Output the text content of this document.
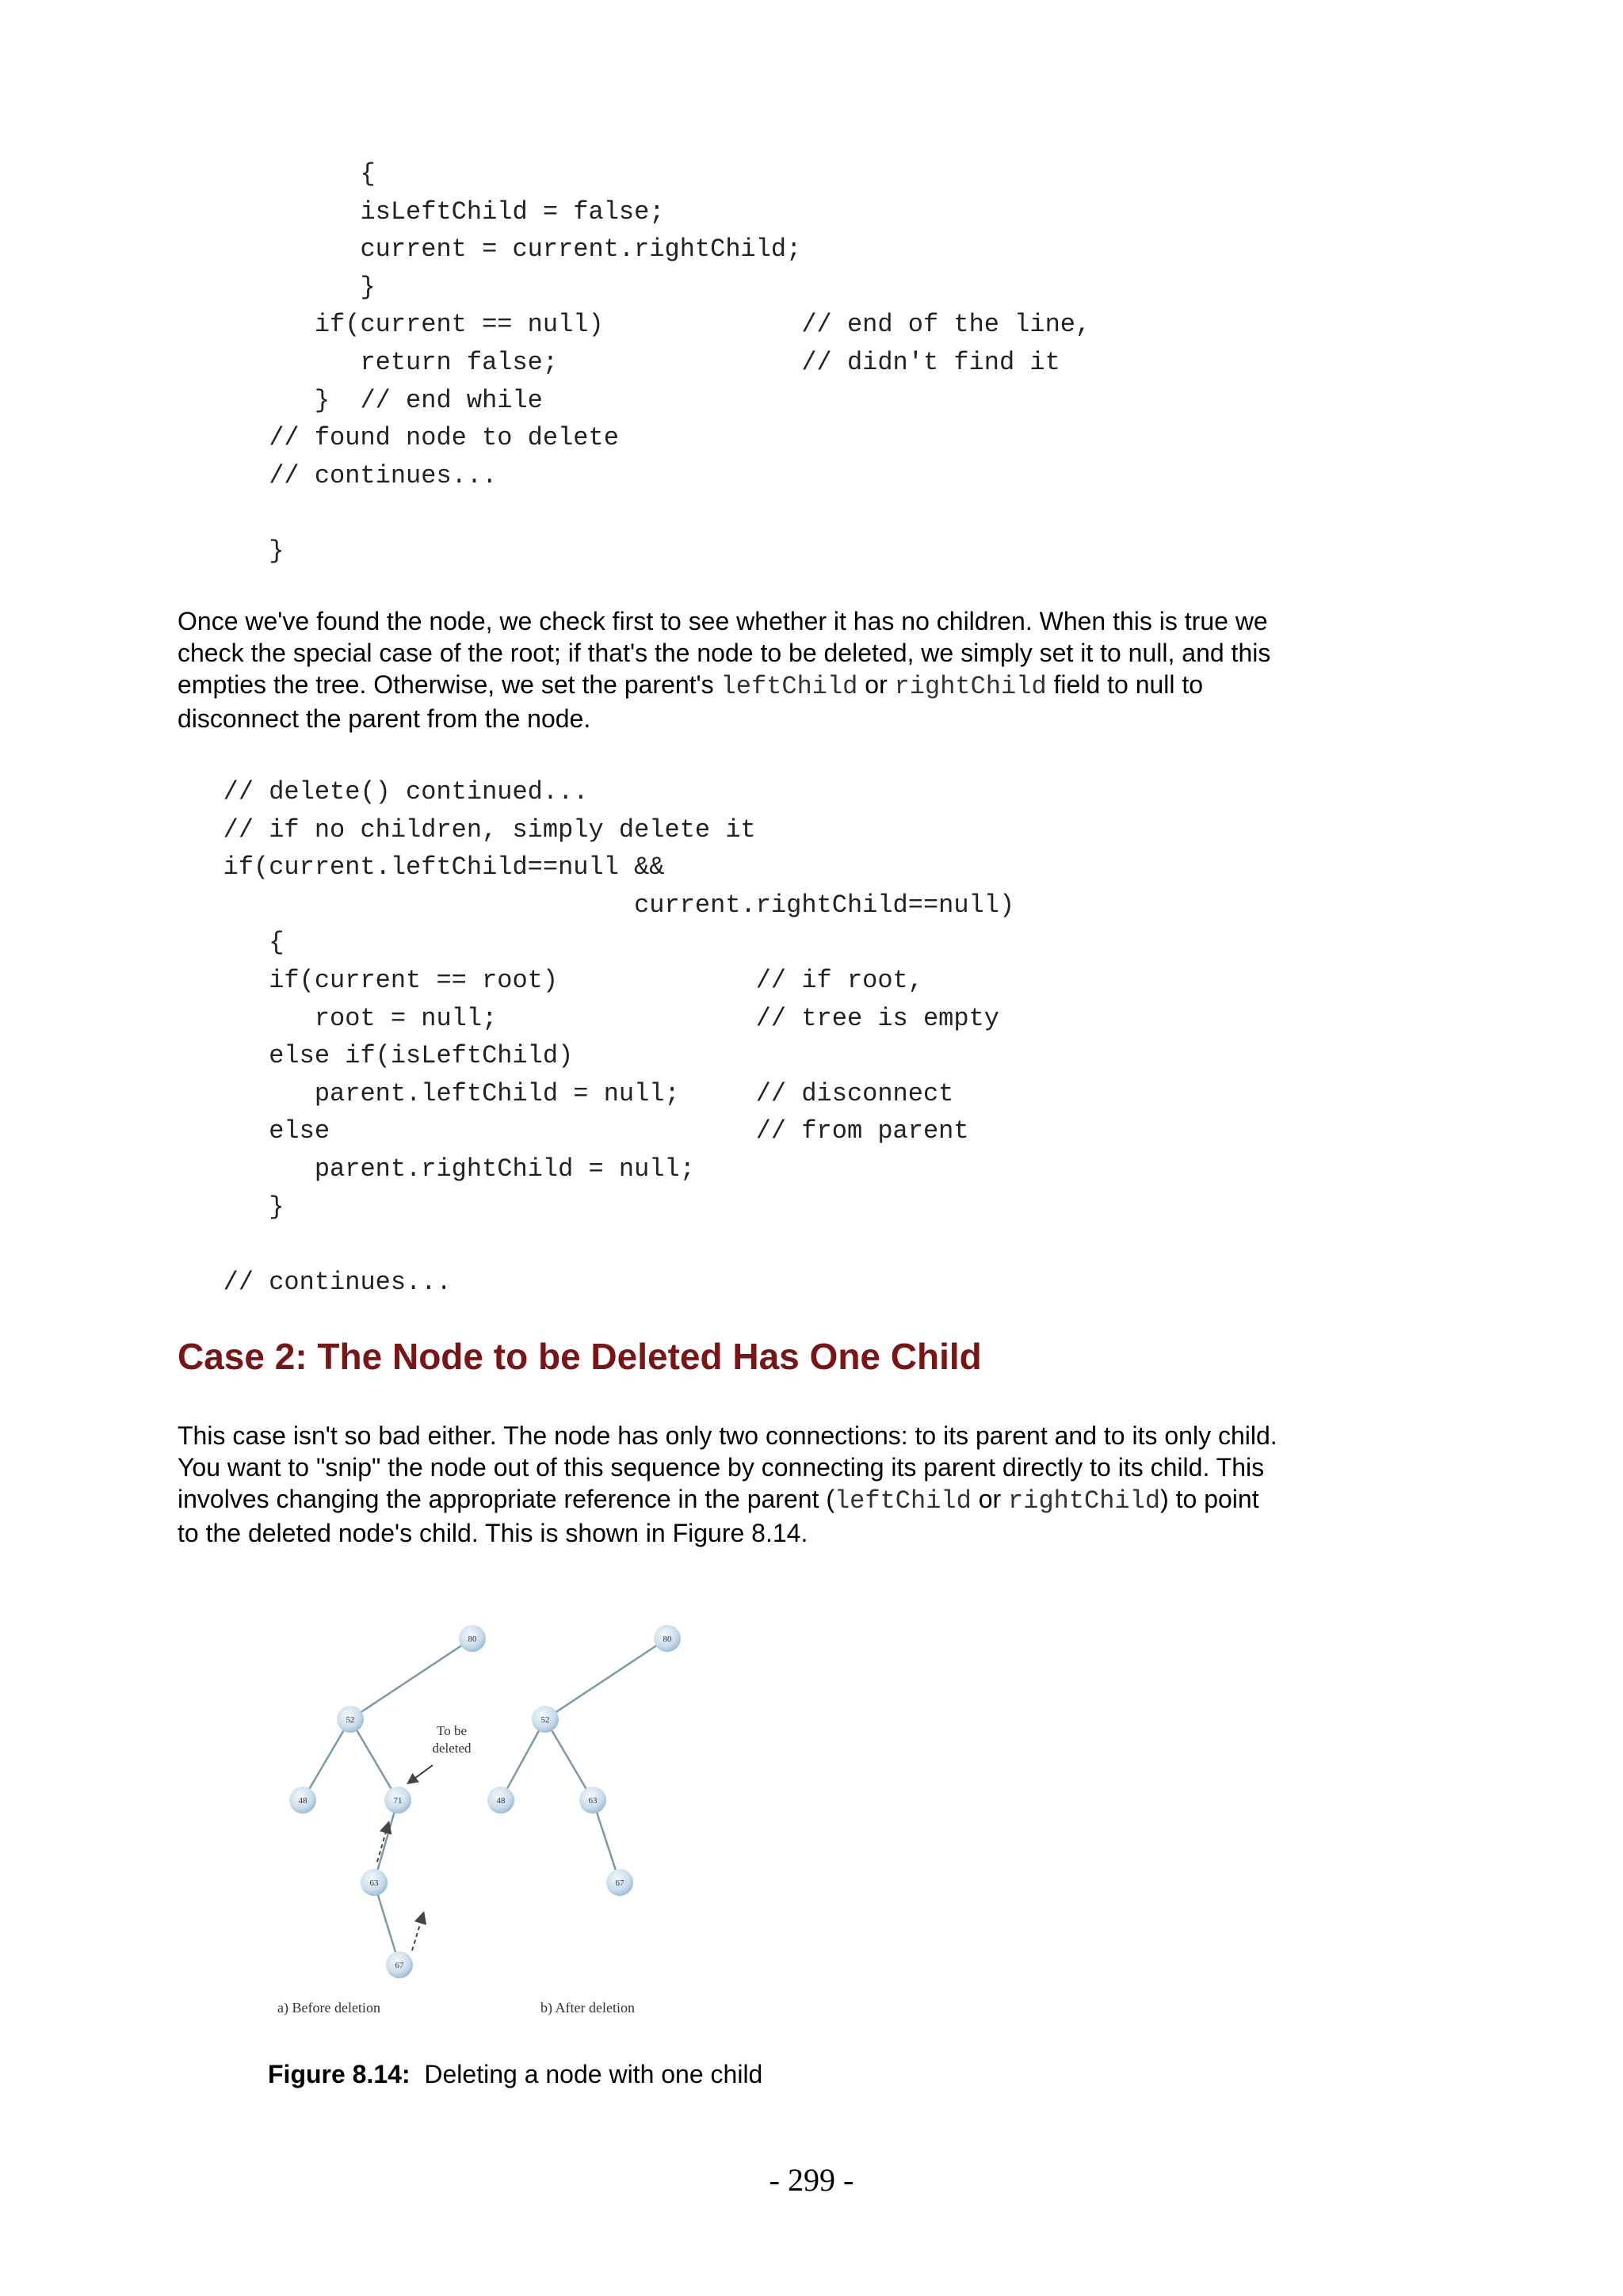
{
isLeftChild = false;
current = current.rightChild;
}
if(current == null)             // end of the line,
return false;                // didn't find it
}  // end while
// found node to delete
// continues...
}

Once we've found the node, we check first to see whether it has no children. When this is true we check the special case of the root; if that's the node to be deleted, we simply set it to null, and this empties the tree. Otherwise, we set the parent's leftChild or rightChild field to null to disconnect the parent from the node.

// delete() continued...
// if no children, simply delete it
if(current.leftChild==null &&
current.rightChild==null)
{
if(current == root)             // if root,
root = null;                 // tree is empty
else if(isLeftChild)
parent.leftChild = null;     // disconnect
else                            // from parent
parent.rightChild = null;
}
// continues...
Case 2: The Node to be Deleted Has One Child

This case isn't so bad either. The node has only two connections: to its parent and to its only child. You want to "snip" the node out of this sequence by connecting its parent directly to its child. This involves changing the appropriate reference in the parent (leftChild or rightChild) to point to the deleted node's child. This is shown in Figure 8.14.

80
52
48	71
63
67
80
52
48	63
67
To be
deleted
a) Before deletion	b) After deletion
Figure 8.14: Deleting a node with one child
- 299 -
